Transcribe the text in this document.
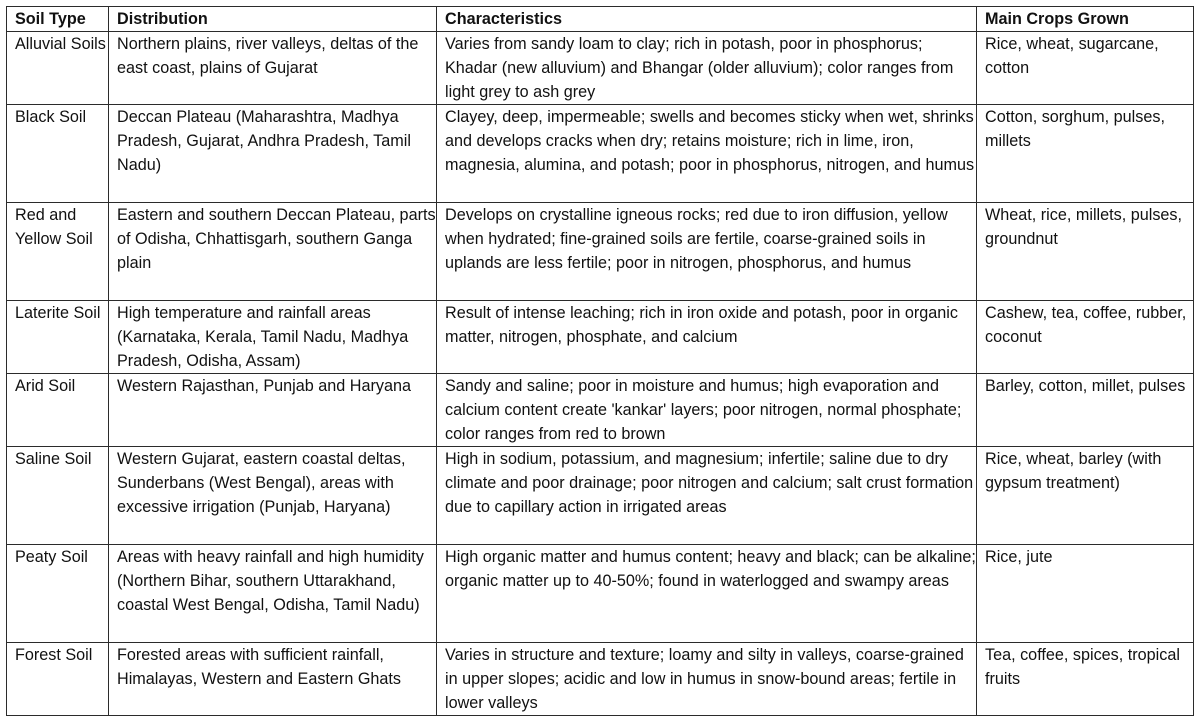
Soil Type	Distribution	Characteristics	Main Crops Grown
Alluvial Soils	Northern plains, river valleys, deltas of the east coast, plains of Gujarat	Varies from sandy loam to clay; rich in potash, poor in phosphorus; Khadar (new alluvium) and Bhangar (older alluvium); color ranges from light grey to ash grey	Rice, wheat, sugarcane, cotton
Black Soil	Deccan Plateau (Maharashtra, Madhya Pradesh, Gujarat, Andhra Pradesh, Tamil Nadu)	Clayey, deep, impermeable; swells and becomes sticky when wet, shrinks and develops cracks when dry; retains moisture; rich in lime, iron, magnesia, alumina, and potash; poor in phosphorus, nitrogen, and humus	Cotton, sorghum, pulses, millets
Red and Yellow Soil	Eastern and southern Deccan Plateau, parts of Odisha, Chhattisgarh, southern Ganga plain	Develops on crystalline igneous rocks; red due to iron diffusion, yellow when hydrated; fine-grained soils are fertile, coarse-grained soils in uplands are less fertile; poor in nitrogen, phosphorus, and humus	Wheat, rice, millets, pulses, groundnut
Laterite Soil	High temperature and rainfall areas (Karnataka, Kerala, Tamil Nadu, Madhya Pradesh, Odisha, Assam)	Result of intense leaching; rich in iron oxide and potash, poor in organic matter, nitrogen, phosphate, and calcium	Cashew, tea, coffee, rubber, coconut
Arid Soil	Western Rajasthan, Punjab and Haryana	Sandy and saline; poor in moisture and humus; high evaporation and calcium content create 'kankar' layers; poor nitrogen, normal phosphate; color ranges from red to brown	Barley, cotton, millet, pulses
Saline Soil	Western Gujarat, eastern coastal deltas, Sunderbans (West Bengal), areas with excessive irrigation (Punjab, Haryana)	High in sodium, potassium, and magnesium; infertile; saline due to dry climate and poor drainage; poor nitrogen and calcium; salt crust formation due to capillary action in irrigated areas	Rice, wheat, barley (with gypsum treatment)
Peaty Soil	Areas with heavy rainfall and high humidity (Northern Bihar, southern Uttarakhand, coastal West Bengal, Odisha, Tamil Nadu)	High organic matter and humus content; heavy and black; can be alkaline; organic matter up to 40-50%; found in waterlogged and swampy areas	Rice, jute
Forest Soil	Forested areas with sufficient rainfall, Himalayas, Western and Eastern Ghats	Varies in structure and texture; loamy and silty in valleys, coarse-grained in upper slopes; acidic and low in humus in snow-bound areas; fertile in lower valleys	Tea, coffee, spices, tropical fruits
